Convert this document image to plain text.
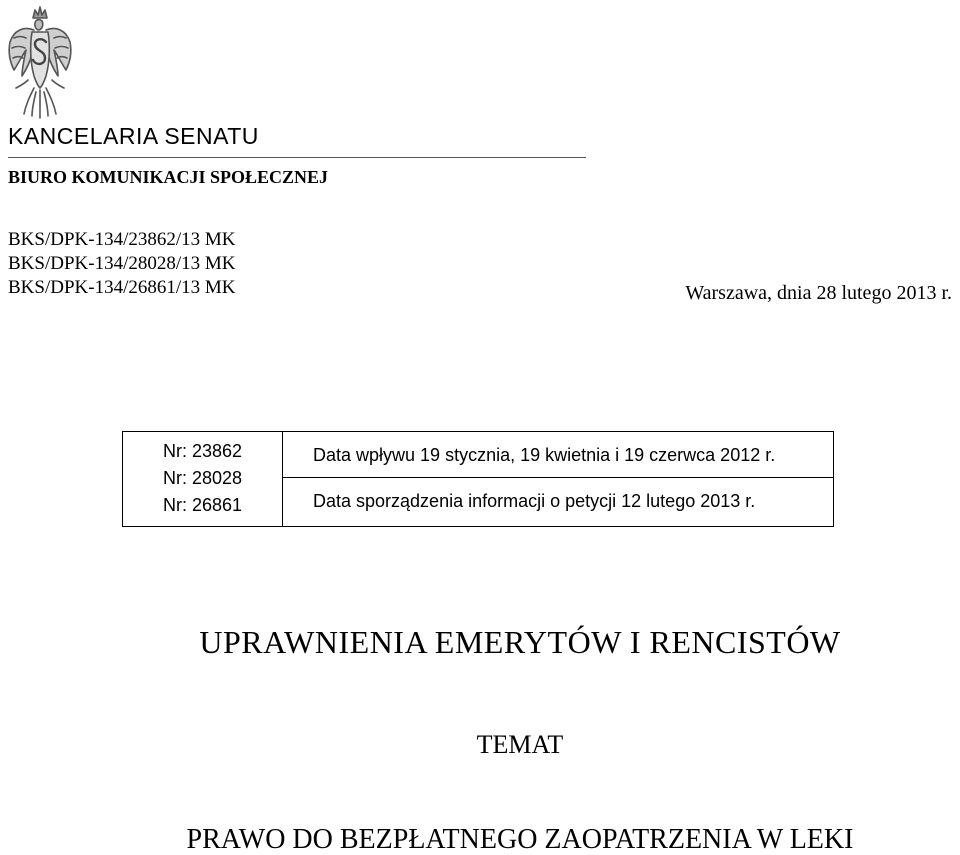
KANCELARIA SENATU
BIURO KOMUNIKACJI SPOŁECZNEJ
BKS/DPK-134/23862/13 MK
BKS/DPK-134/28028/13 MK
BKS/DPK-134/26861/13 MK	Warszawa, dnia 28 lutego 2013 r.
Nr: 23862
Nr: 28028
Nr: 26861
Data wpływu 19 stycznia, 19 kwietnia i 19 czerwca 2012 r.
Data sporządzenia informacji o petycji 12 lutego 2013 r.
UPRAWNIENIA EMERYTÓW I RENCISTÓW
TEMAT
PRAWO DO BEZPŁATNEGO ZAOPATRZENIA W LEKI
